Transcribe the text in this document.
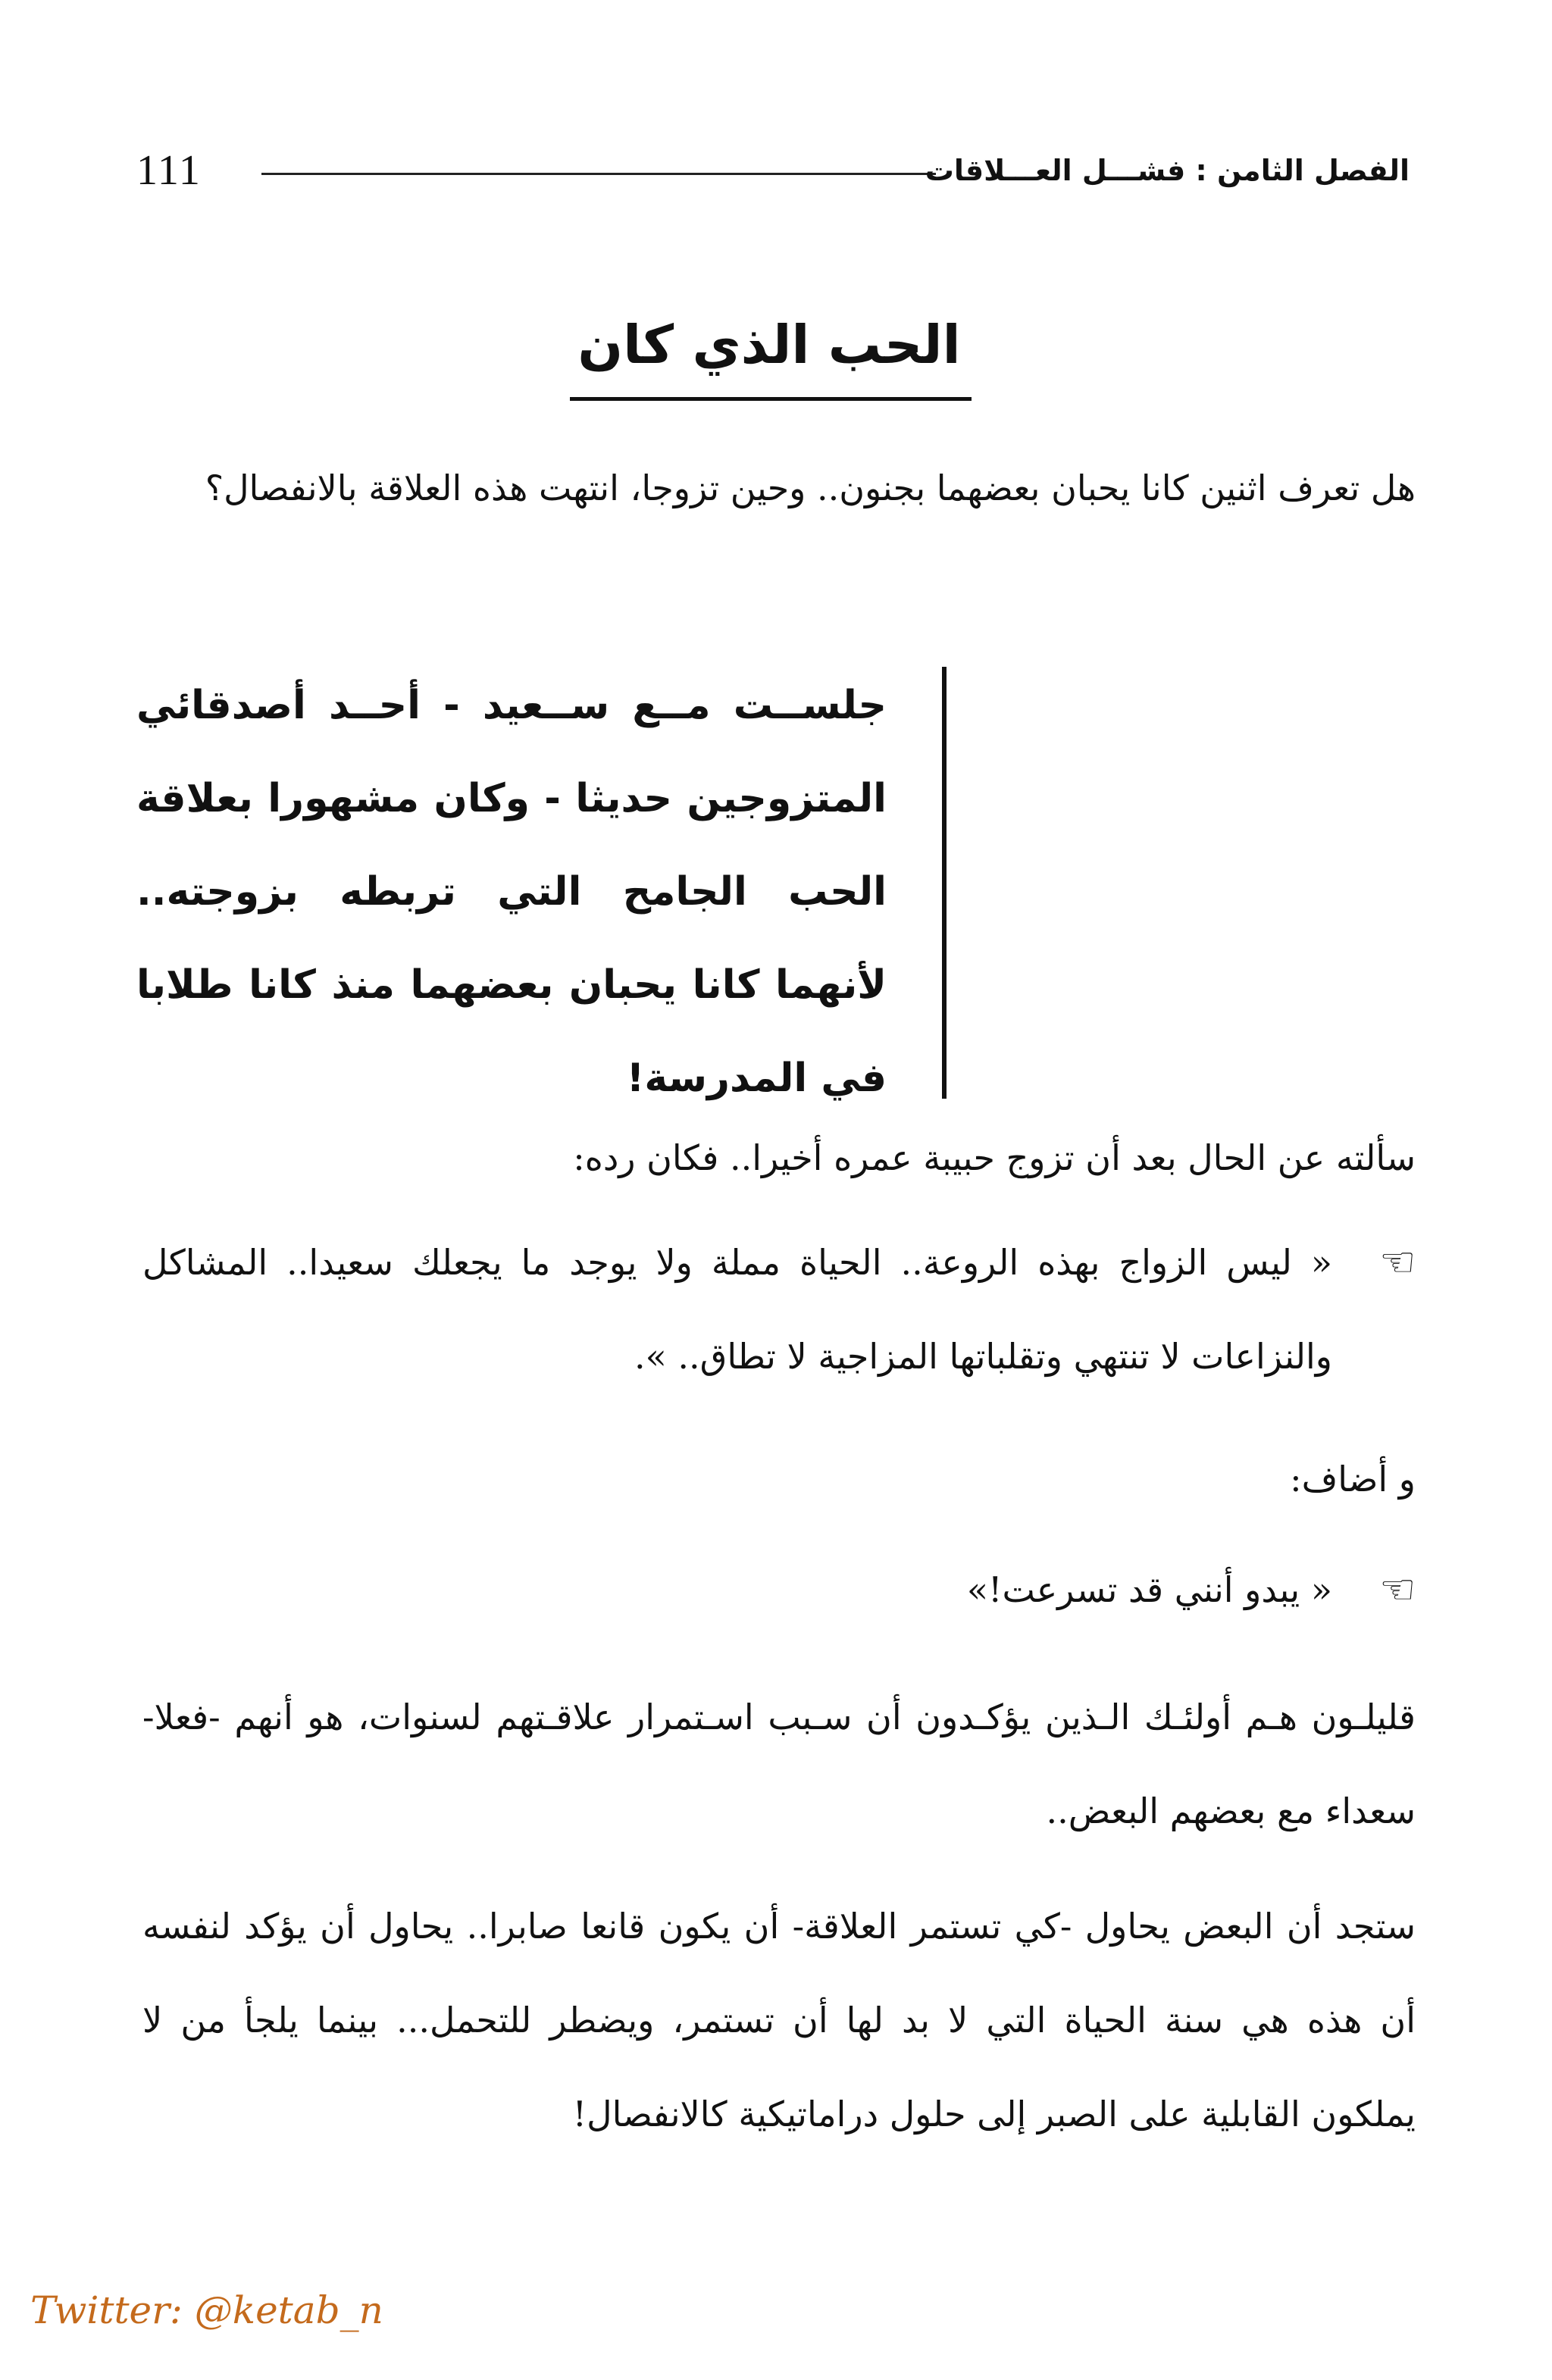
111	الفصل الثامن : فشـــل العـــلاقات
الحب الذي كان
هل تعرف اثنين كانا يحبان بعضهما بجنون.. وحين تزوجا، انتهت هذه العلاقة بالانفصال؟
جلســت مــع ســعيد - أحــد أصدقائي المتزوجين حديثا - وكان مشهورا بعلاقة الحب الجامح التي تربطه بزوجته.. لأنهما كانا يحبان بعضهما منذ كانا طلابا في المدرسة!
سألته عن الحال بعد أن تزوج حبيبة عمره أخيرا.. فكان رده:
☞
« ليس الزواج بهذه الروعة.. الحياة مملة ولا يوجد ما يجعلك سعيدا.. المشاكل والنزاعات لا تنتهي وتقلباتها المزاجية لا تطاق.. ».
و أضاف:
☞
« يبدو أنني قد تسرعت!»
قليلـون هـم أولئـك الـذين يؤكـدون أن سـبب اسـتمرار علاقـتهم لسنوات، هو أنهم -فعلا- سعداء مع بعضهم البعض..
ستجد أن البعض يحاول -كي تستمر العلاقة- أن يكون قانعا صابرا.. يحاول أن يؤكد لنفسه أن هذه هي سنة الحياة التي لا بد لها أن تستمر، ويضطر للتحمل... بينما يلجأ من لا يملكون القابلية على الصبر إلى حلول دراماتيكية كالانفصال!
Twitter: @ketab_n
